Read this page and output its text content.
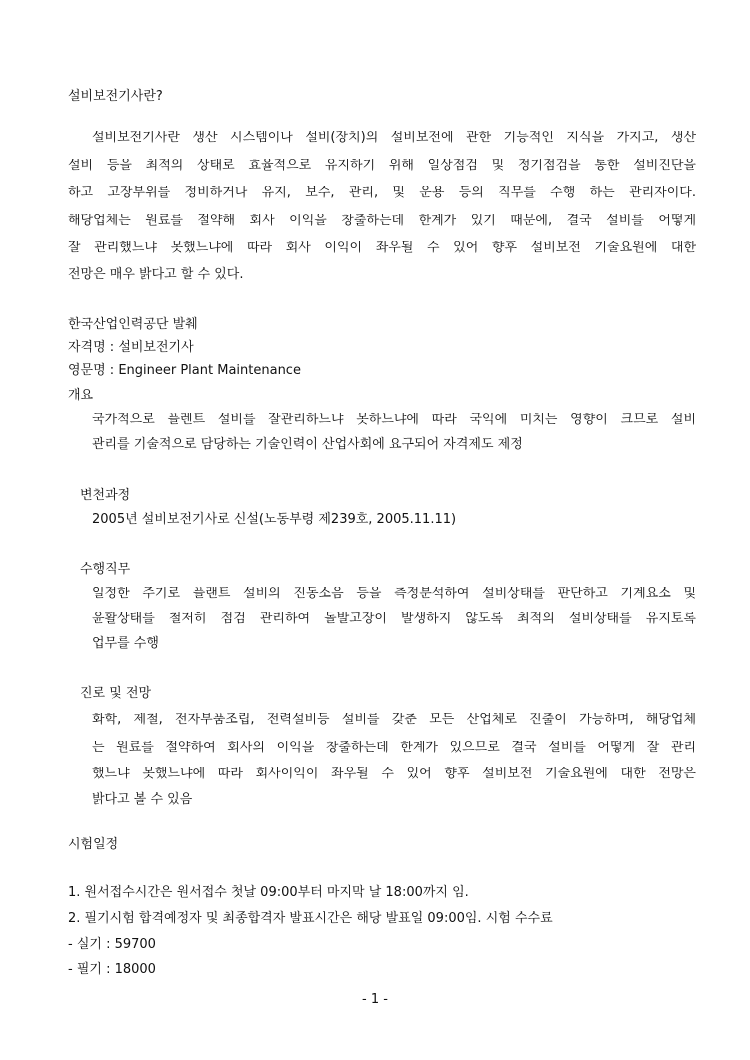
설비보전기사란?
설비보전기사란 생산 시스템이나 설비(장치)의 설비보전에 관한 기능적인 지식을 가지고, 생산
설비 등을 최적의 상태로 효율적으로 유지하기 위해 일상점검 및 정기점검을 통한 설비진단을
하고 고장부위를 정비하거나 유지, 보수, 관리, 및 운용 등의 직무를 수행 하는 관리자이다.
해당업체는 원료를 절약해 회사 이익을 창출하는데 한계가 있기 때문에, 결국 설비를 어떻게
잘 관리했느냐 못했느냐에 따라 회사 이익이 좌우될 수 있어 향후 설비보전 기술요원에 대한
전망은 매우 밝다고 할 수 있다.
한국산업인력공단 발췌
자격명 : 설비보전기사
영문명 : Engineer Plant Maintenance
개요
국가적으로 플렌트 설비를 잘관리하느냐 못하느냐에 따라 국익에 미치는 영향이 크므로 설비
관리를 기술적으로 담당하는 기술인력이 산업사회에 요구되어 자격제도 제정
변천과정
2005년 설비보전기사로 신설(노동부령 제239호, 2005.11.11)
수행직무
일정한 주기로 플랜트 설비의 진동소음 등을 측정분석하여 설비상태를 판단하고 기계요소 및
윤활상태를 철저히 점검 관리하여 돌발고장이 발생하지 않도록 최적의 설비상태를 유지토록
업무를 수행
진로 및 전망
화학, 제철, 전자부품조립, 전력설비등 설비를 갖춘 모든 산업체로 진출이 가능하며, 해당업체
는 원료를 절약하여 회사의 이익을 창출하는데 한계가 있으므로 결국 설비를 어떻게 잘 관리
했느냐 못했느냐에 따라 회사이익이 좌우될 수 있어 향후 설비보전 기술요원에 대한 전망은
밝다고 볼 수 있음
시험일정
1. 원서접수시간은 원서접수 첫날 09:00부터 마지막 날 18:00까지 임.
2. 필기시험 합격예정자 및 최종합격자 발표시간은 해당 발표일 09:00임. 시험 수수료
- 실기 : 59700
- 필기 : 18000
- 1 -
